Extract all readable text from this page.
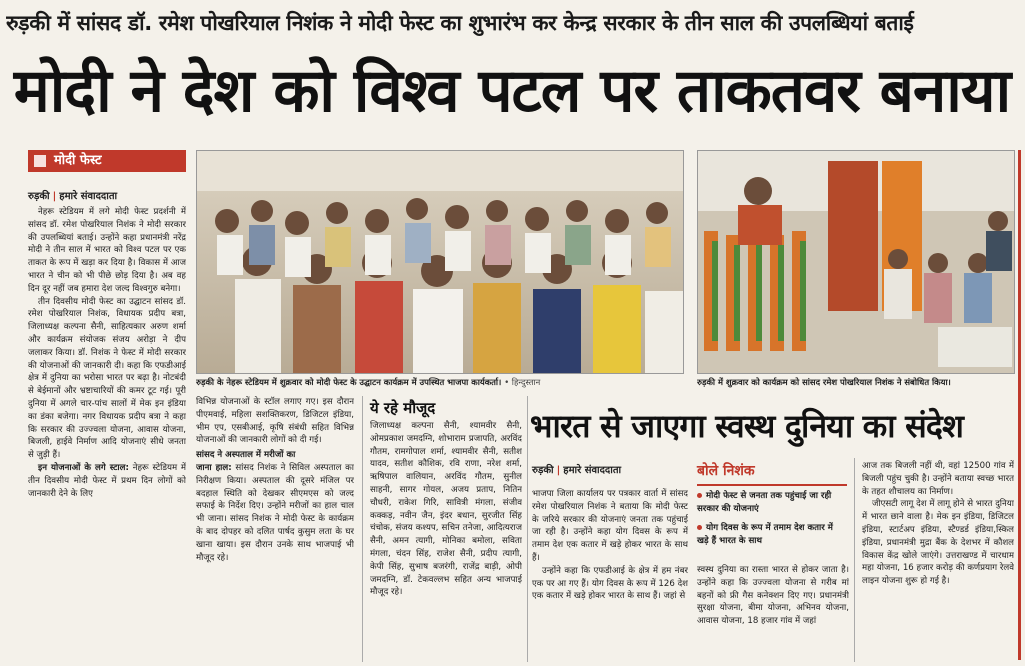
रुड़की में सांसद डॉ. रमेश पोखरियाल निशंक ने मोदी फेस्ट का शुभारंभ कर केन्द्र सरकार के तीन साल की उपलब्धियां बताई
मोदी ने देश को विश्व पटल पर ताकतवर बनाया
मोदी फेस्ट
रुड़की | हमारे संवाददाता

नेहरू स्टेडियम में लगे मोदी फेस्ट प्रदर्शनी में सांसद डॉ. रमेश पोखरियाल निशंक ने मोदी सरकार की उपलब्धियां बताई। उन्होंने कहा प्रधानमंत्री नरेंद्र मोदी ने तीन साल में भारत को विश्व पटल पर एक ताकत के रूप में खड़ा कर दिया है। विकास में आज भारत ने चीन को भी पीछे छोड़ दिया है। अब वह दिन दूर नहीं जब हमारा देश जल्द विश्वगुरु बनेगा।

तीन दिवसीय मोदी फेस्ट का उद्घाटन सांसद डॉ. रमेश पोखरियाल निशंक, विधायक प्रदीप बत्रा, जिलाध्यक्ष कल्पना सैनी, साहित्यकार अरुण शर्मा और कार्यक्रम संयोजक संजय अरोड़ा ने दीप जलाकर किया। डॉ. निशंक ने फेस्ट में मोदी सरकार की योजनाओं की जानकारी दी। कहा कि एफडीआई क्षेत्र में दुनिया का भरोसा भारत पर बढ़ा है। नोटबंदी से बेईमानों और भ्रष्टाचारियों की कमर टूट गई। पूरी दुनिया में अगले चार-पांच सालों में मेक इन इंडिया का डंका बजेगा। नगर विधायक प्रदीप बत्रा ने कहा कि सरकार की उज्ज्वला योजना, आवास योजना, बिजली, हाईवे निर्माण आदि योजनाएं सीधे जनता से जुड़ी हैं।

इन योजनाओं के लगे स्टाल: नेहरू स्टेडियम में तीन दिवसीय मोदी फेस्ट में प्रथम दिन लोगों को जानकारी देने के लिए

रुड़की के नेहरू स्टेडियम में शुक्रवार को मोदी फेस्ट के उद्घाटन कार्यक्रम में उपस्थित भाजपा कार्यकर्ता। • हिन्दुस्तान	रुड़की में शुक्रवार को कार्यक्रम को सांसद रमेश पोखरियाल निशंक ने संबोधित किया।

विभिन्न योजनाओं के स्टॉल लगाए गए। इस दौरान पीएमवाई, महिला सशक्तिकरण, डिजिटल इंडिया, भीम एप, एसबीआई, कृषि संबंधी सहित विभिन्न योजनाओं की जानकारी लोगों को दी गई।

सांसद ने अस्पताल में मरीजों का

जाना हाल: सांसद निशंक ने सिविल अस्पताल का निरीक्षण किया। अस्पताल की दूसरे मंजिल पर बदहाल स्थिति को देखकर सीएमएस को जल्द सफाई के निर्देश दिए। उन्होंने मरीजों का हाल चाल भी जाना। सांसद निशंक ने मोदी फेस्ट के कार्यक्रम के बाद दोपहर को दलित पार्षद कुसुम लता के घर खाना खाया। इस दौरान उनके साथ भाजपाई भी मौजूद रहे।

ये रहे मौजूद

जिलाध्यक्ष कल्पना सैनी, श्यामवीर सैनी, ओमप्रकाश जमदग्नि, शोभाराम प्रजापति, अरविंद गौतम, रामगोपाल शर्मा, श्यामवीर सैनी, सतीश यादव, सतीश कौशिक, रवि राणा, नरेश शर्मा, ऋषिपाल वालियान, अरविंद गौतम, सुनील साहनी, सागर गोयल, अजय प्रताप, नितिन चौधरी, राकेश गिरि, सावित्री मंगला, संजीव कक्कड़, नवीन जैन, इंदर बधान, सुरजीत सिंह चंचोक, संजय कश्यप, सचिन तनेजा, आदित्यराज सैनी, अमन त्यागी, मोनिका बमोला, सविता मंगला, चंदन सिंह, राजेश सैनी, प्रदीप त्यागी, केपी सिंह, सुभाष बजरंगी, राजेंद्र बाड़ी, ओपी जमदग्नि, डॉ. टेकवल्लभ सहित अन्य भाजपाई मौजूद रहे।

भारत से जाएगा स्वस्थ दुनिया का संदेश
रुड़की | हमारे संवाददाता

भाजपा जिला कार्यालय पर पत्रकार वार्ता में सांसद रमेश पोखरियाल निशंक ने बताया कि मोदी फेस्ट के जरिये सरकार की योजनाएं जनता तक पहुंचाई जा रही है। उन्होंने कहा योग दिवस के रूप में तमाम देश एक कतार में खड़े होकर भारत के साथ हैं।

उन्होंने कहा कि एफडीआई के क्षेत्र में हम नंबर एक पर आ गए हैं। योग दिवस के रूप में 126 देश एक कतार में खड़े होकर भारत के साथ हैं। जहां से

बोले निशंक
मोदी फेस्ट से जनता तक पहुंचाई जा रही सरकार की योजनाएं
योग दिवस के रूप में तमाम देश कतार में खड़े हैं भारत के साथ

स्वस्थ दुनिया का रास्ता भारत से होकर जाता है। उन्होंने कहा कि उज्ज्वला योजना से गरीब मां बहनों को फ्री गैस कनेक्शन दिए गए। प्रधानमंत्री सुरक्षा योजना, बीमा योजना, अभिनव योजना, आवास योजना, 18 हजार गांव में जहां

आज तक बिजली नहीं थी, वहां 12500 गांव में बिजली पहुंच चुकी है। उन्होंने बताया स्वच्छ भारत के तहत शौचालय का निर्माण।

जीएसटी लागू देश में लागू होने से भारत दुनिया में भारत छाने वाला है। मेक इन इंडिया, डिजिटल इंडिया, स्टार्टअप इंडिया, स्टैण्डर्ड इंडिया,स्किल इंडिया, प्रधानमंत्री मुद्रा बैंक के देशभर में कौशल विकास केंद्र खोले जाएंगे। उत्तराखण्ड में चारधाम महा योजना, 16 हजार करोड़ की कर्णप्रयाग रेलवे लाइन योजना शुरू हो गई है।
